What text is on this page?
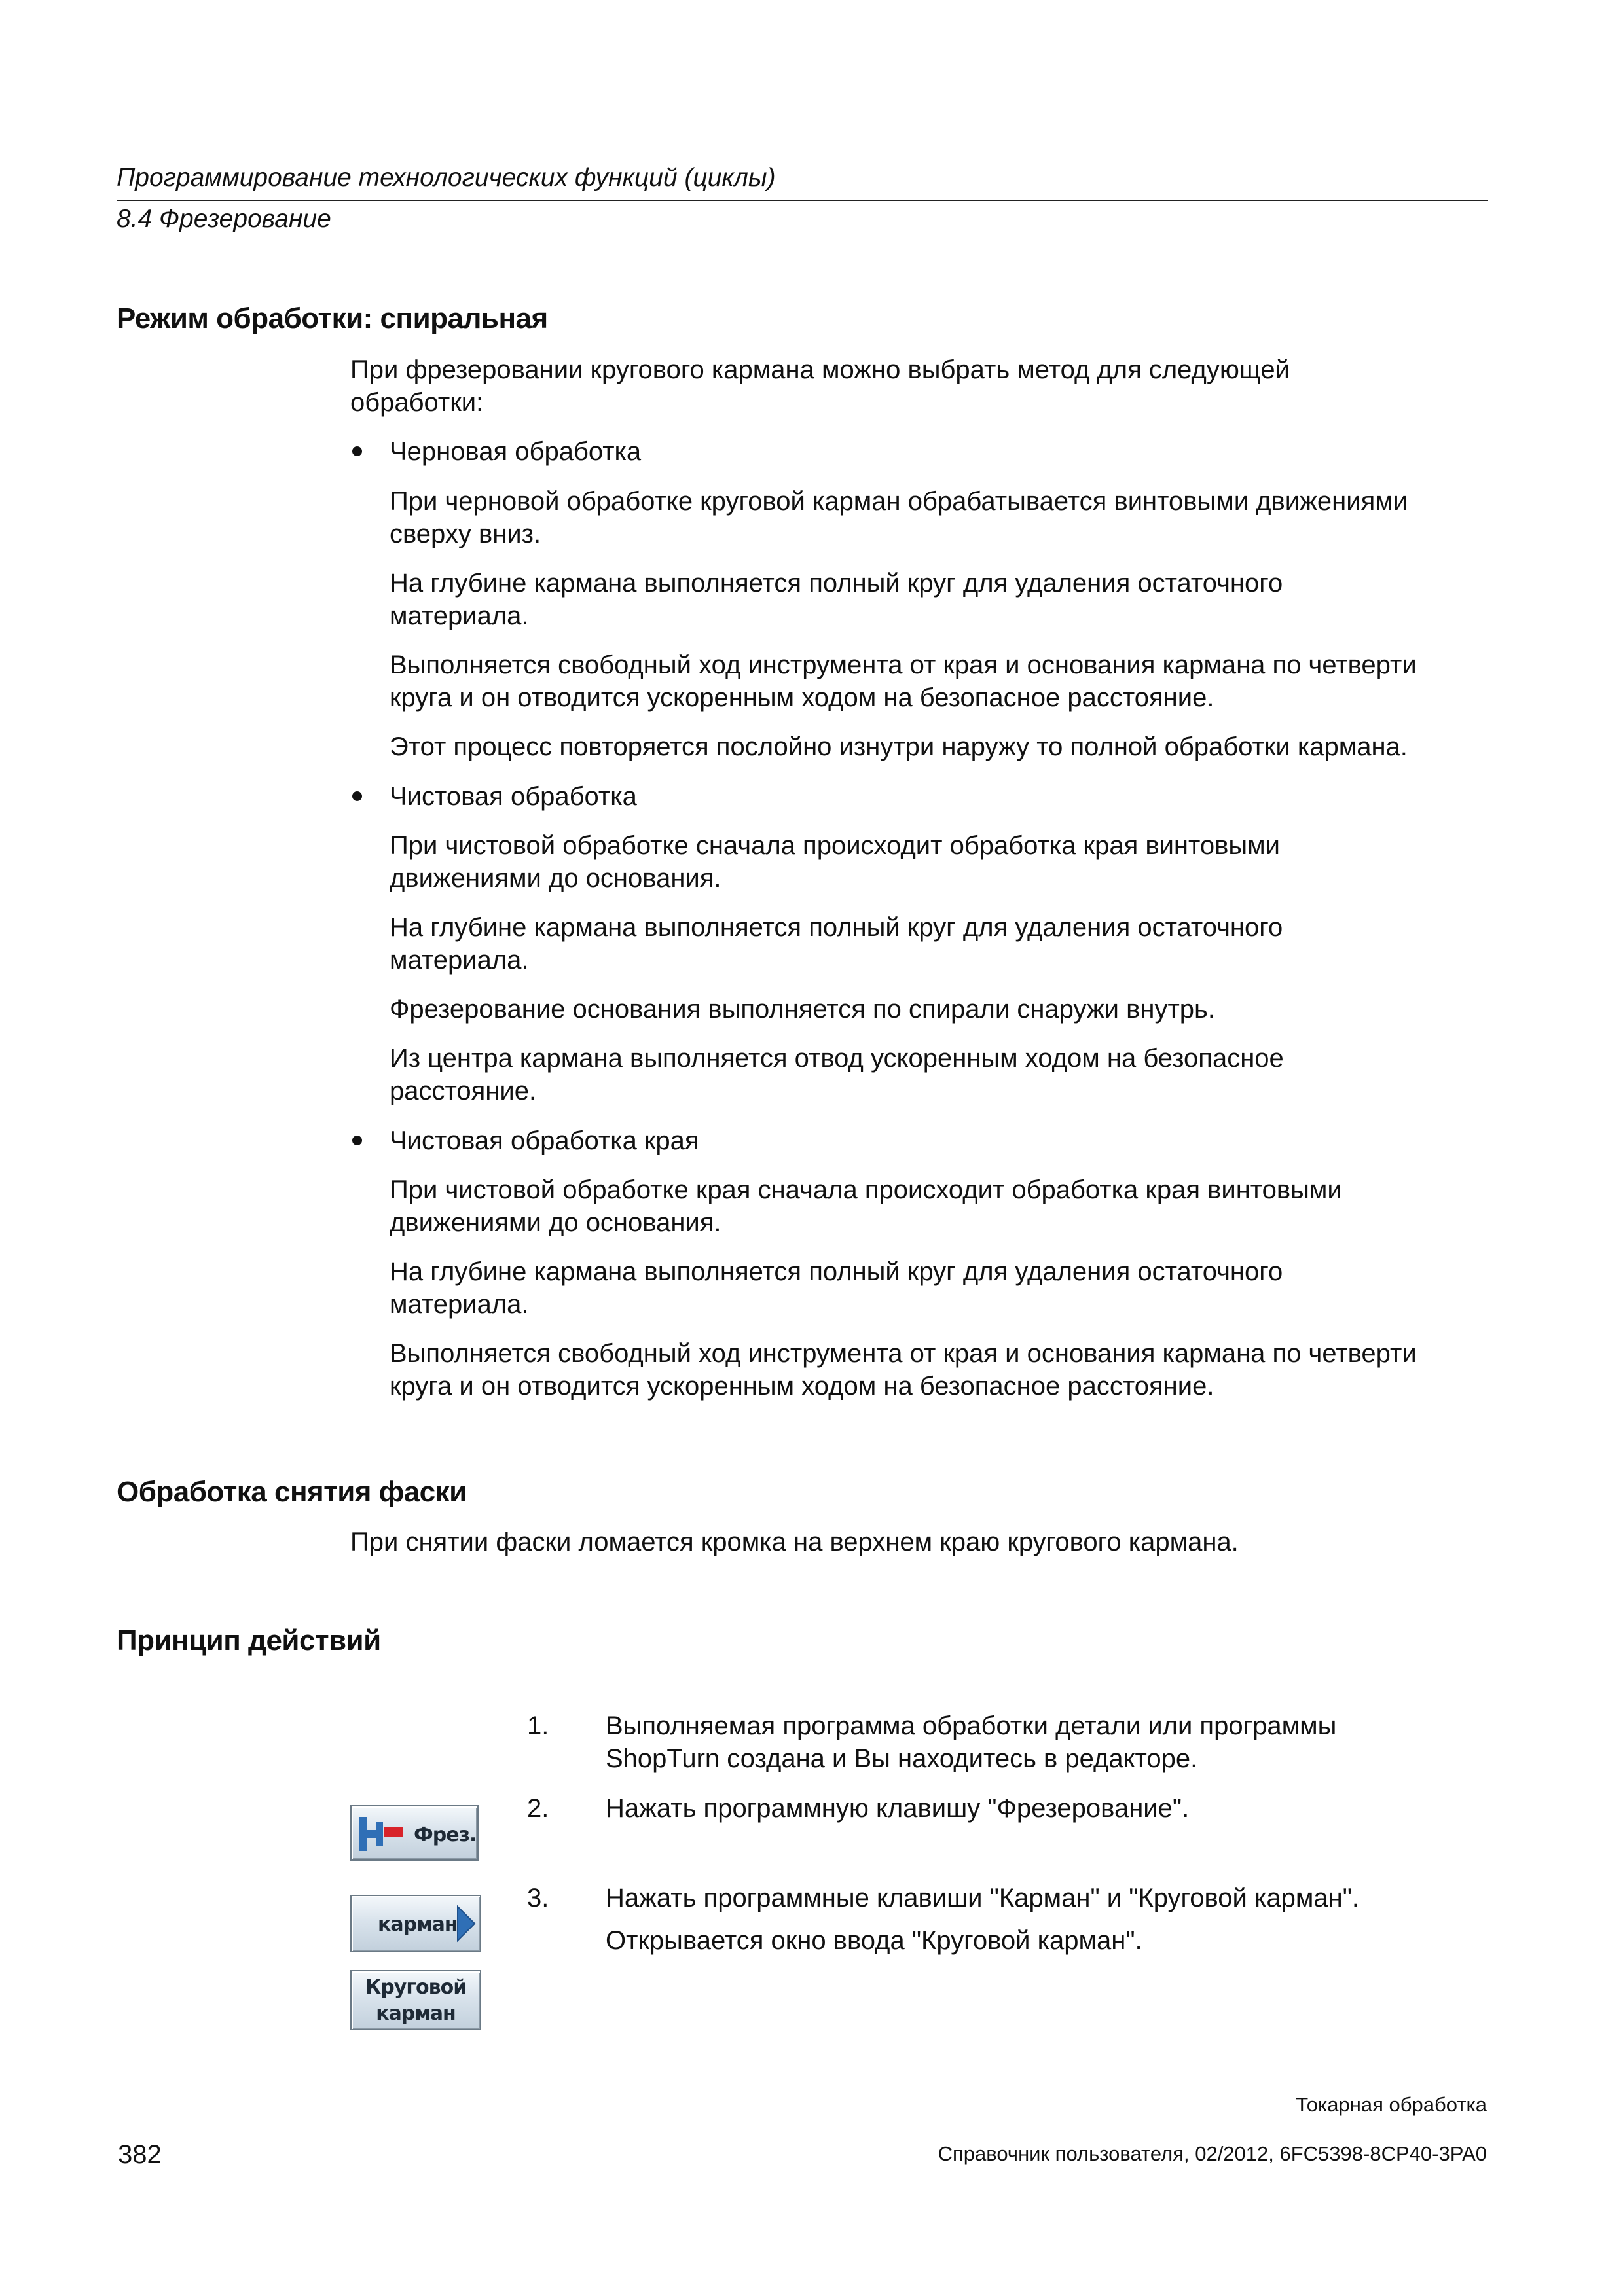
Программирование технологических функций (циклы)
8.4 Фрезерование
Режим обработки: спиральная
При фрезеровании кругового кармана можно выбрать метод для следующей
обработки:
Черновая обработка
При черновой обработке круговой карман обрабатывается винтовыми движениями
сверху вниз.
На глубине кармана выполняется полный круг для удаления остаточного
материала.
Выполняется свободный ход инструмента от края и основания кармана по четверти
круга и он отводится ускоренным ходом на безопасное расстояние.
Этот процесс повторяется послойно изнутри наружу то полной обработки кармана.
Чистовая обработка
При чистовой обработке сначала происходит обработка края винтовыми
движениями до основания.
На глубине кармана выполняется полный круг для удаления остаточного
материала.
Фрезерование основания выполняется по спирали снаружи внутрь.
Из центра кармана выполняется отвод ускоренным ходом на безопасное
расстояние.
Чистовая обработка края
При чистовой обработке края сначала происходит обработка края винтовыми
движениями до основания.
На глубине кармана выполняется полный круг для удаления остаточного
материала.
Выполняется свободный ход инструмента от края и основания кармана по четверти
круга и он отводится ускоренным ходом на безопасное расстояние.
Обработка снятия фаски
При снятии фаски ломается кромка на верхнем краю кругового кармана.
Принцип действий
1. Выполняемая программа обработки детали или программы
ShopTurn создана и Вы находитесь в редакторе.
2. Нажать программную клавишу "Фрезерование".
3. Нажать программные клавиши "Карман" и "Круговой карман".
Открывается окно ввода "Круговой карман".
Фрез.
карман
Круговой
карман
Токарная обработка
382	Справочник пользователя, 02/2012, 6FC5398-8CP40-3PA0
